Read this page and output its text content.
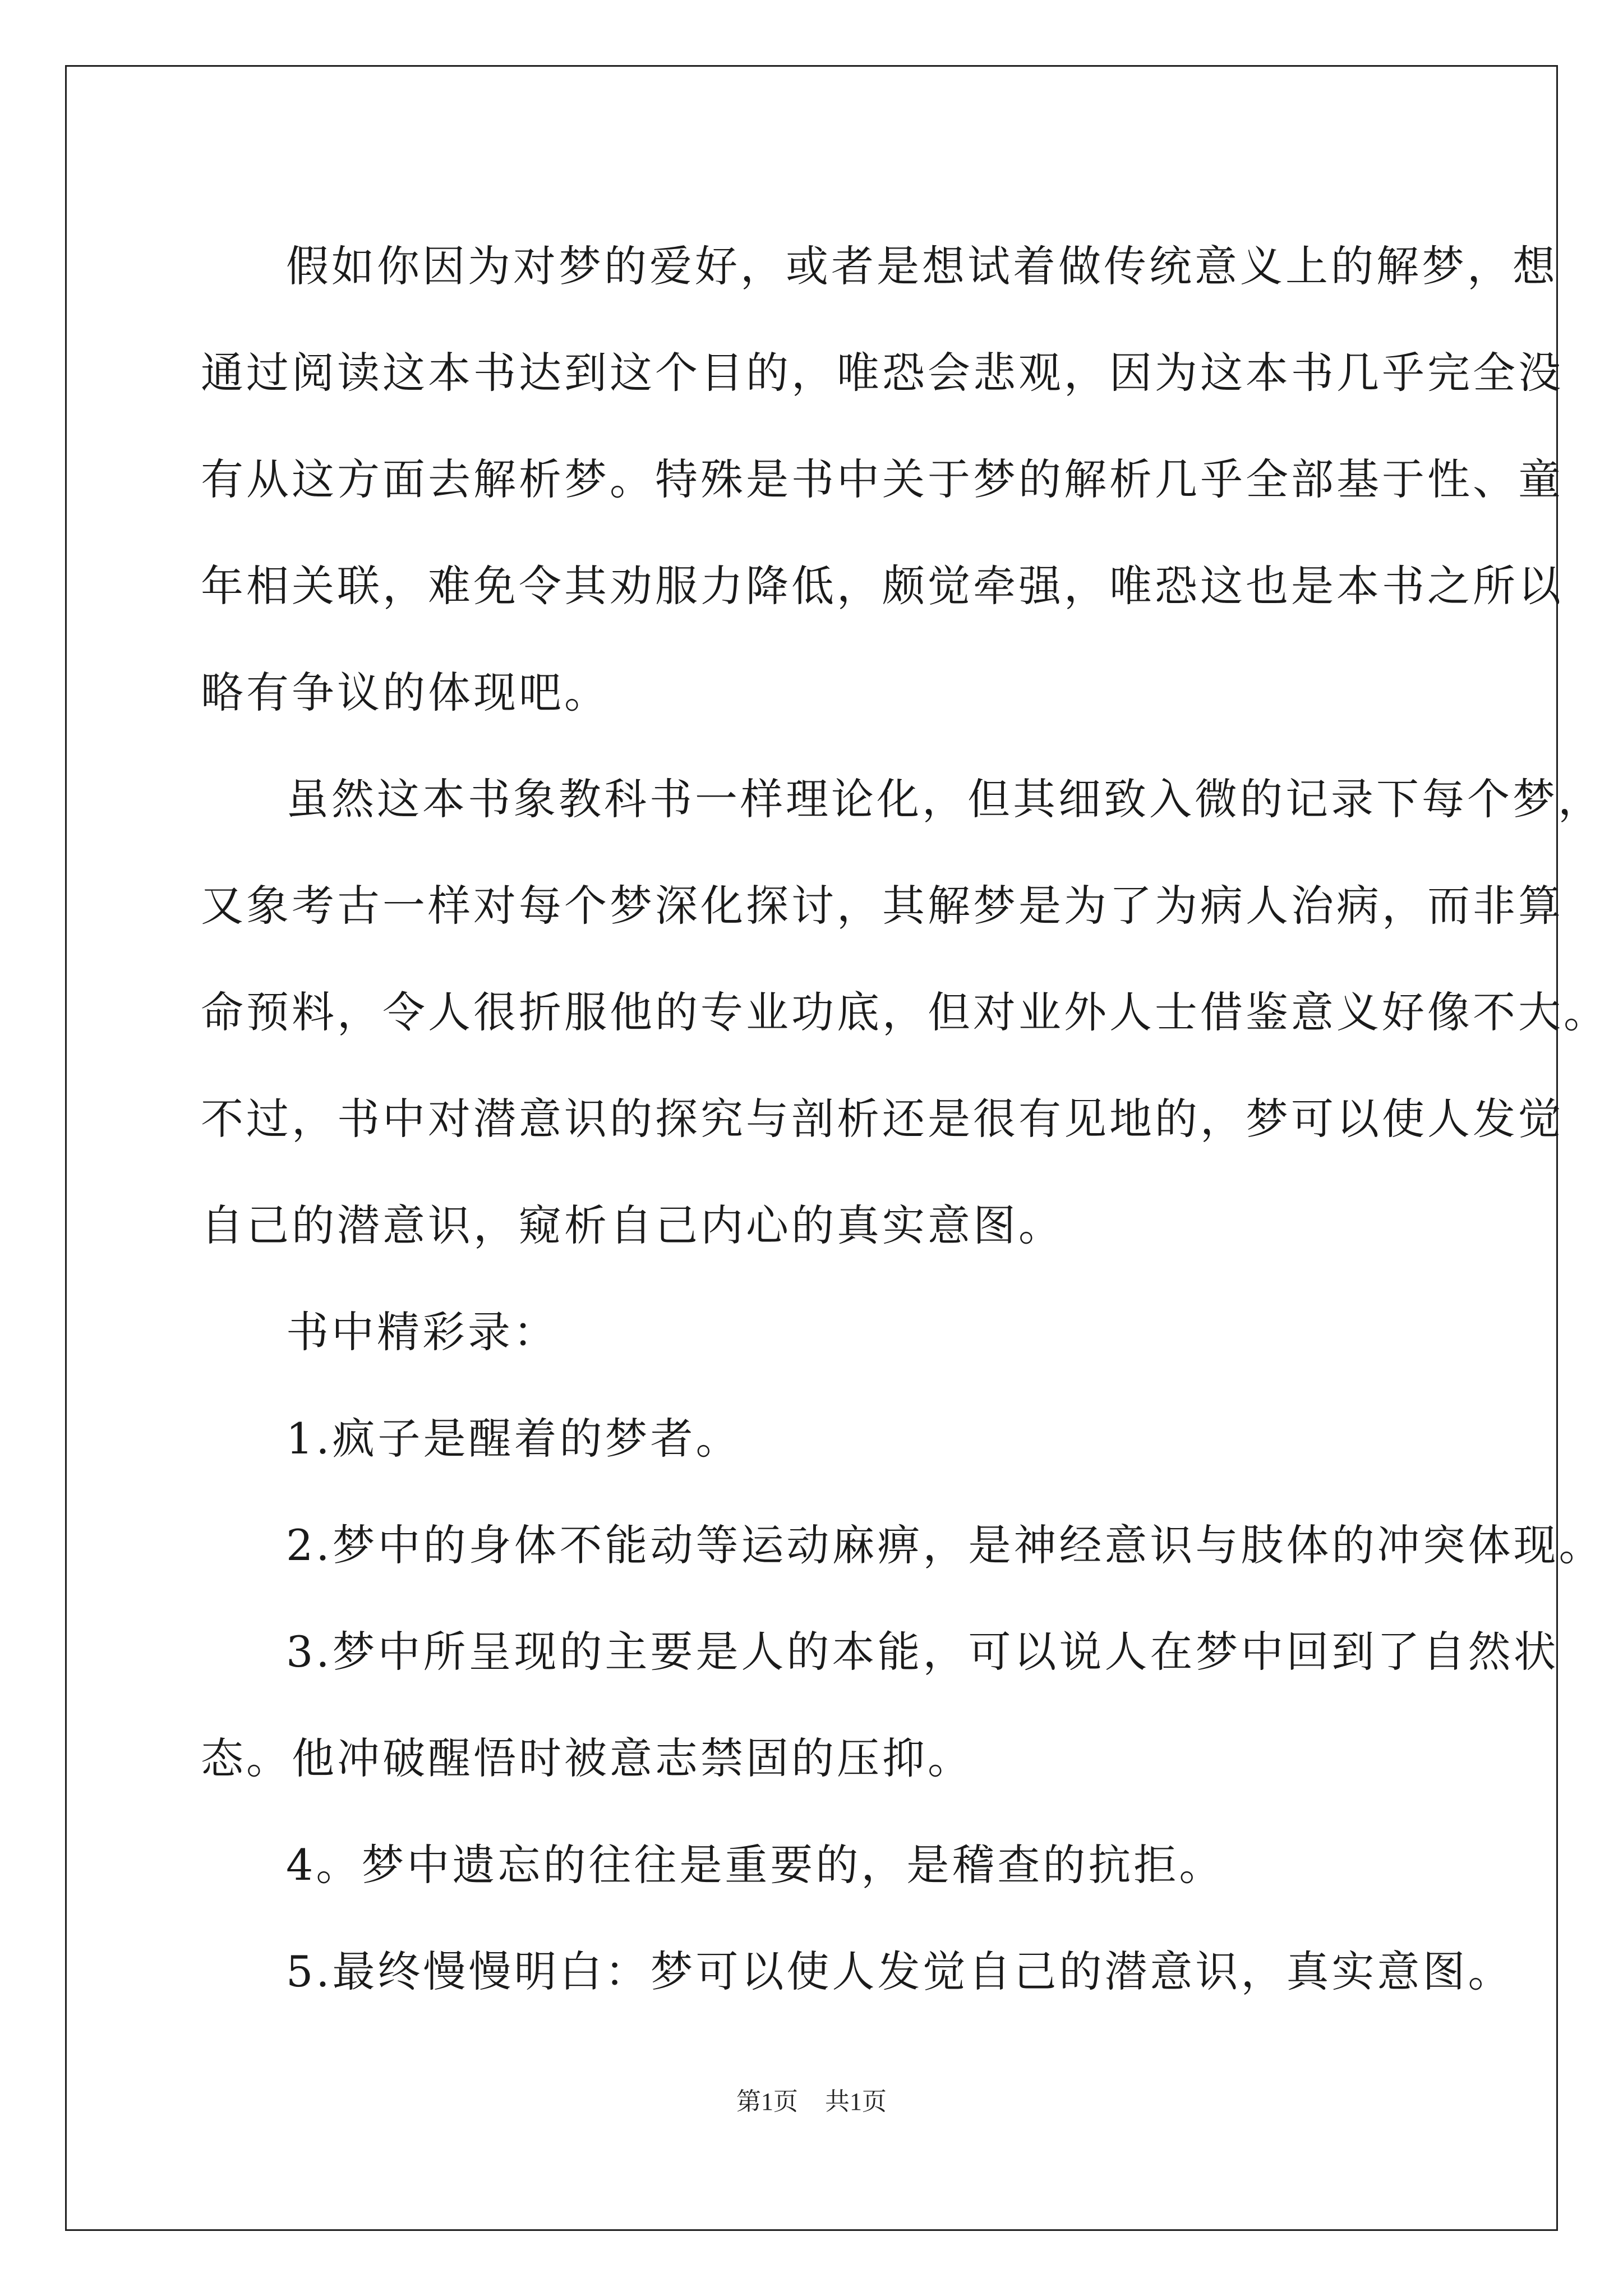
假如你因为对梦的爱好，或者是想试着做传统意义上的解梦，想
通过阅读这本书达到这个目的，唯恐会悲观，因为这本书几乎完全没
有从这方面去解析梦。特殊是书中关于梦的解析几乎全部基于性、童
年相关联，难免令其劝服力降低，颇觉牵强，唯恐这也是本书之所以
略有争议的体现吧。
虽然这本书象教科书一样理论化，但其细致入微的记录下每个梦，
又象考古一样对每个梦深化探讨，其解梦是为了为病人治病，而非算
命预料，令人很折服他的专业功底，但对业外人士借鉴意义好像不大。
不过，书中对潜意识的探究与剖析还是很有见地的，梦可以使人发觉
自己的潜意识，窥析自己内心的真实意图。
书中精彩录：
1.疯子是醒着的梦者。
2.梦中的身体不能动等运动麻痹，是神经意识与肢体的冲突体现。
3.梦中所呈现的主要是人的本能，可以说人在梦中回到了自然状
态。他冲破醒悟时被意志禁固的压抑。
4。梦中遗忘的往往是重要的，是稽查的抗拒。
5.最终慢慢明白：梦可以使人发觉自己的潜意识，真实意图。
第1页 共1页
